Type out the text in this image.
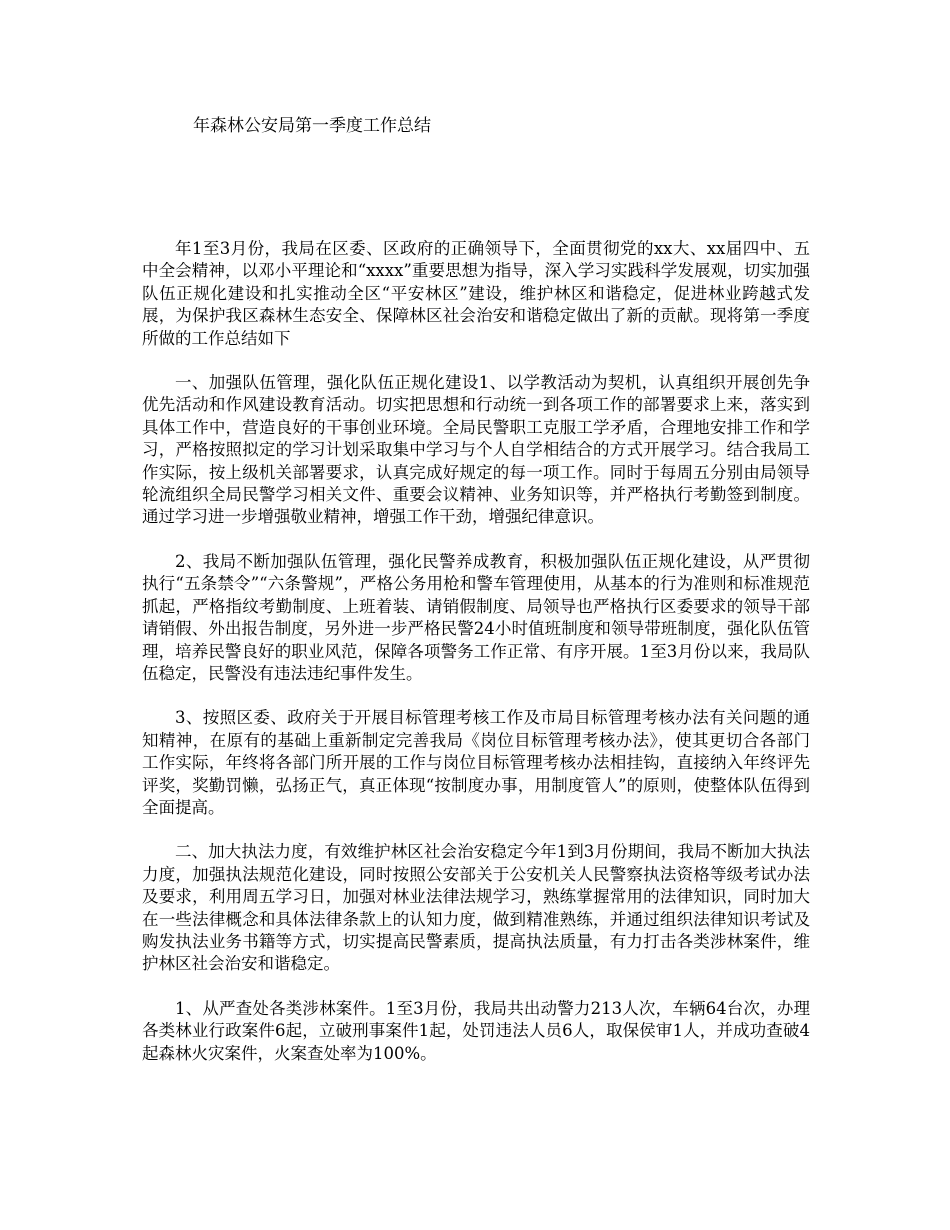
年森林公安局第一季度工作总结

年1至3月份，我局在区委、区政府的正确领导下，全面贯彻党的xx大、xx届四中、五中全会精神，以邓小平理论和“xxxx”重要思想为指导，深入学习实践科学发展观，切实加强队伍正规化建设和扎实推动全区“平安林区”建设，维护林区和谐稳定，促进林业跨越式发展，为保护我区森林生态安全、保障林区社会治安和谐稳定做出了新的贡献。现将第一季度所做的工作总结如下

一、加强队伍管理，强化队伍正规化建设1、以学教活动为契机，认真组织开展创先争优先活动和作风建设教育活动。切实把思想和行动统一到各项工作的部署要求上来，落实到具体工作中，营造良好的干事创业环境。全局民警职工克服工学矛盾，合理地安排工作和学习，严格按照拟定的学习计划采取集中学习与个人自学相结合的方式开展学习。结合我局工作实际，按上级机关部署要求，认真完成好规定的每一项工作。同时于每周五分别由局领导轮流组织全局民警学习相关文件、重要会议精神、业务知识等，并严格执行考勤签到制度。通过学习进一步增强敬业精神，增强工作干劲，增强纪律意识。

2、我局不断加强队伍管理，强化民警养成教育，积极加强队伍正规化建设，从严贯彻执行“五条禁令”“六条警规”，严格公务用枪和警车管理使用，从基本的行为准则和标准规范抓起，严格指纹考勤制度、上班着装、请销假制度、局领导也严格执行区委要求的领导干部请销假、外出报告制度，另外进一步严格民警24小时值班制度和领导带班制度，强化队伍管理，培养民警良好的职业风范，保障各项警务工作正常、有序开展。1至3月份以来，我局队伍稳定，民警没有违法违纪事件发生。

3、按照区委、政府关于开展目标管理考核工作及市局目标管理考核办法有关问题的通知精神，在原有的基础上重新制定完善我局《岗位目标管理考核办法》，使其更切合各部门工作实际，年终将各部门所开展的工作与岗位目标管理考核办法相挂钩，直接纳入年终评先评奖，奖勤罚懒，弘扬正气，真正体现“按制度办事，用制度管人”的原则，使整体队伍得到全面提高。

二、加大执法力度，有效维护林区社会治安稳定今年1到3月份期间，我局不断加大执法力度，加强执法规范化建设，同时按照公安部关于公安机关人民警察执法资格等级考试办法及要求，利用周五学习日，加强对林业法律法规学习，熟练掌握常用的法律知识，同时加大在一些法律概念和具体法律条款上的认知力度，做到精准熟练，并通过组织法律知识考试及购发执法业务书籍等方式，切实提高民警素质，提高执法质量，有力打击各类涉林案件，维护林区社会治安和谐稳定。

1、从严查处各类涉林案件。1至3月份，我局共出动警力213人次，车辆64台次，办理各类林业行政案件6起，立破刑事案件1起，处罚违法人员6人，取保侯审1人，并成功查破4起森林火灾案件，火案查处率为100%。
